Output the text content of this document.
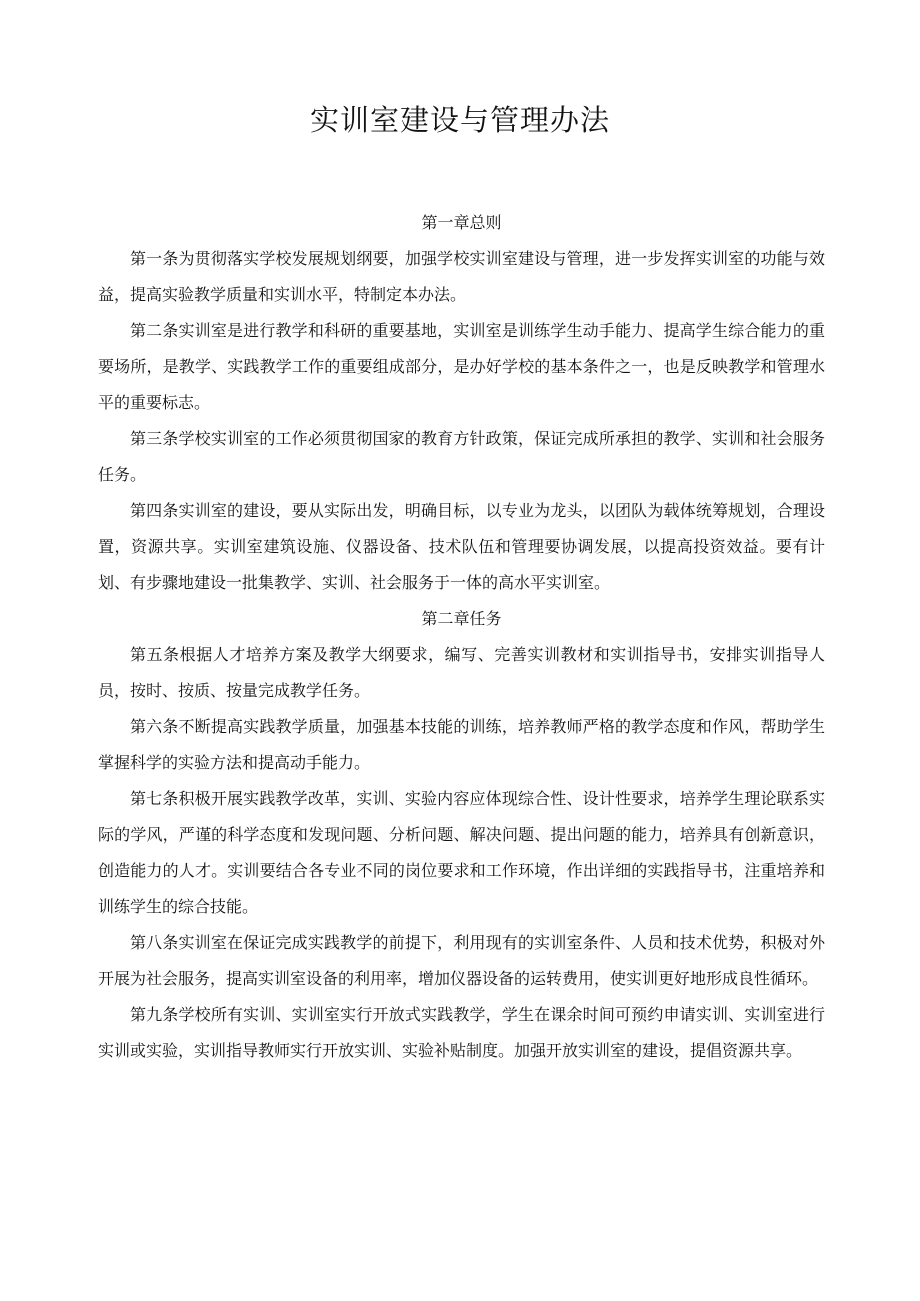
实训室建设与管理办法
第一章总则

第一条为贯彻落实学校发展规划纲要，加强学校实训室建设与管理，进一步发挥实训室的功能与效益，提高实验教学质量和实训水平，特制定本办法。

第二条实训室是进行教学和科研的重要基地，实训室是训练学生动手能力、提高学生综合能力的重要场所，是教学、实践教学工作的重要组成部分，是办好学校的基本条件之一，也是反映教学和管理水平的重要标志。

第三条学校实训室的工作必须贯彻国家的教育方针政策，保证完成所承担的教学、实训和社会服务任务。

第四条实训室的建设，要从实际出发，明确目标，以专业为龙头，以团队为载体统筹规划，合理设置，资源共享。实训室建筑设施、仪器设备、技术队伍和管理要协调发展，以提高投资效益。要有计划、有步骤地建设一批集教学、实训、社会服务于一体的高水平实训室。

第二章任务

第五条根据人才培养方案及教学大纲要求，编写、完善实训教材和实训指导书，安排实训指导人员，按时、按质、按量完成教学任务。

第六条不断提高实践教学质量，加强基本技能的训练，培养教师严格的教学态度和作风，帮助学生掌握科学的实验方法和提高动手能力。

第七条积极开展实践教学改革，实训、实验内容应体现综合性、设计性要求，培养学生理论联系实际的学风，严谨的科学态度和发现问题、分析问题、解决问题、提出问题的能力，培养具有创新意识，创造能力的人才。实训要结合各专业不同的岗位要求和工作环境，作出详细的实践指导书，注重培养和训练学生的综合技能。

第八条实训室在保证完成实践教学的前提下，利用现有的实训室条件、人员和技术优势，积极对外开展为社会服务，提高实训室设备的利用率，增加仪器设备的运转费用，使实训更好地形成良性循环。

第九条学校所有实训、实训室实行开放式实践教学，学生在课余时间可预约申请实训、实训室进行实训或实验，实训指导教师实行开放实训、实验补贴制度。加强开放实训室的建设，提倡资源共享。
